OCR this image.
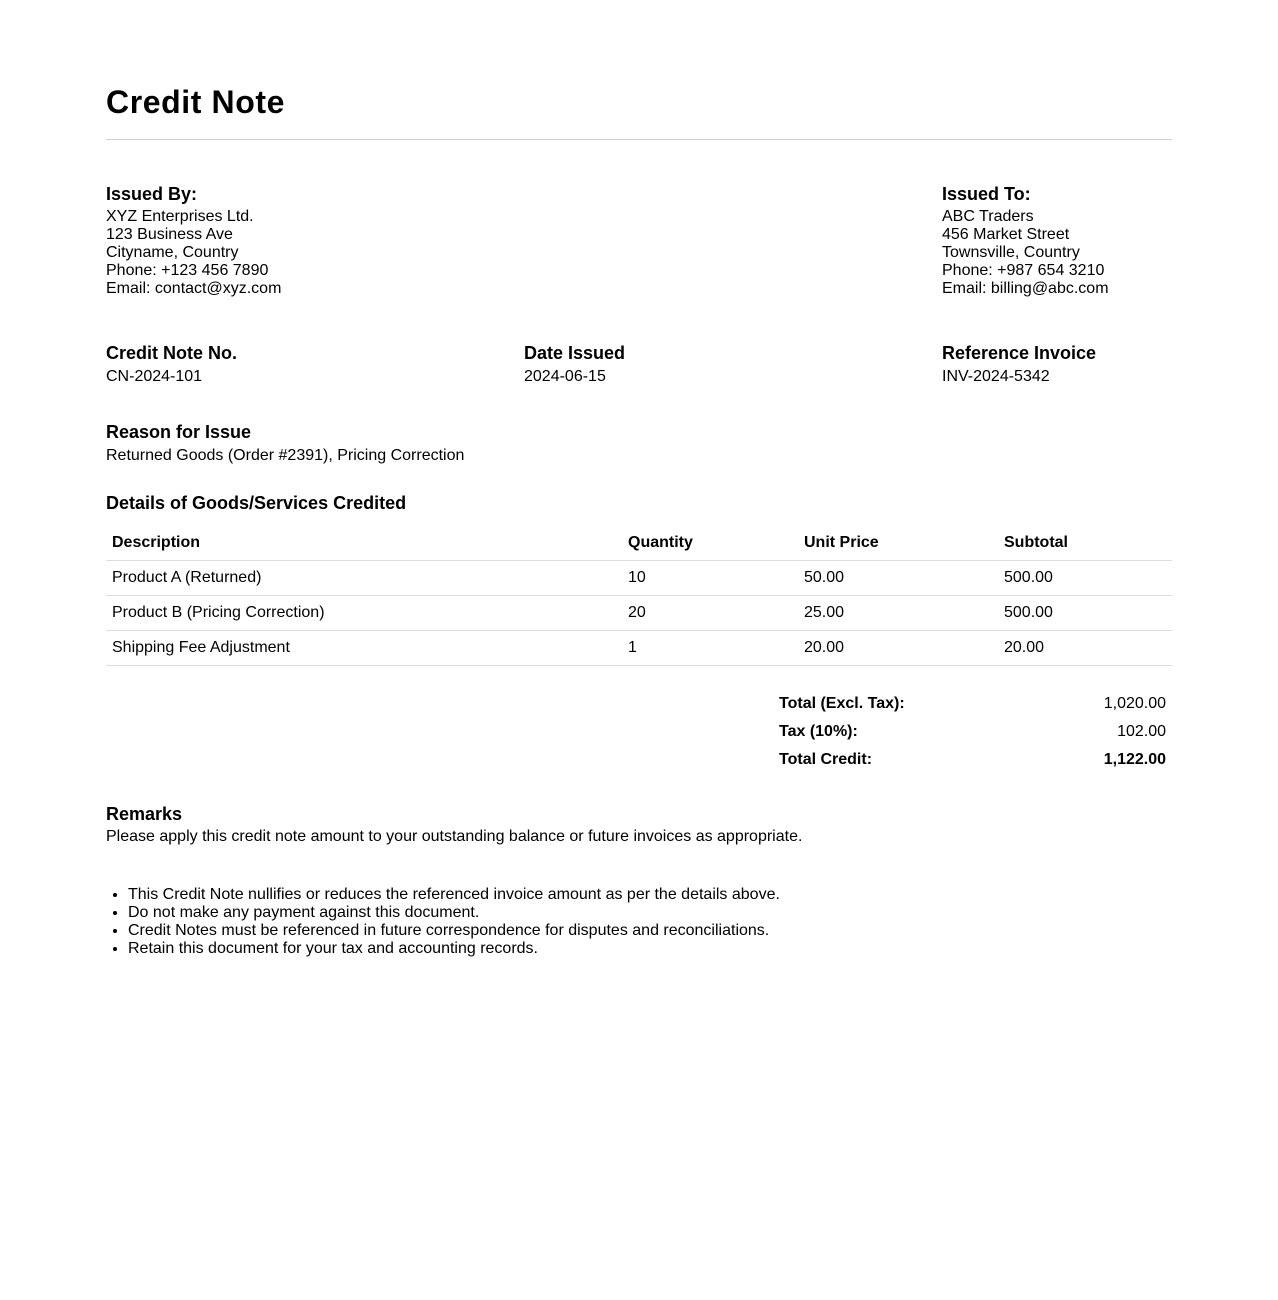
Credit Note
Issued By:
XYZ Enterprises Ltd.
123 Business Ave
Cityname, Country
Phone: +123 456 7890
Email: contact@xyz.com
Issued To:
ABC Traders
456 Market Street
Townsville, Country
Phone: +987 654 3210
Email: billing@abc.com
Credit Note No.
CN-2024-101
Date Issued
2024-06-15
Reference Invoice
INV-2024-5342
Reason for Issue
Returned Goods (Order #2391), Pricing Correction
Details of Goods/Services Credited
Description	Quantity	Unit Price	Subtotal
Product A (Returned)	10	50.00	500.00
Product B (Pricing Correction)	20	25.00	500.00
Shipping Fee Adjustment	1	20.00	20.00
Total (Excl. Tax):	1,020.00
Tax (10%):	102.00
Total Credit:	1,122.00
Remarks
Please apply this credit note amount to your outstanding balance or future invoices as appropriate.
• This Credit Note nullifies or reduces the referenced invoice amount as per the details above.
• Do not make any payment against this document.
• Credit Notes must be referenced in future correspondence for disputes and reconciliations.
• Retain this document for your tax and accounting records.
